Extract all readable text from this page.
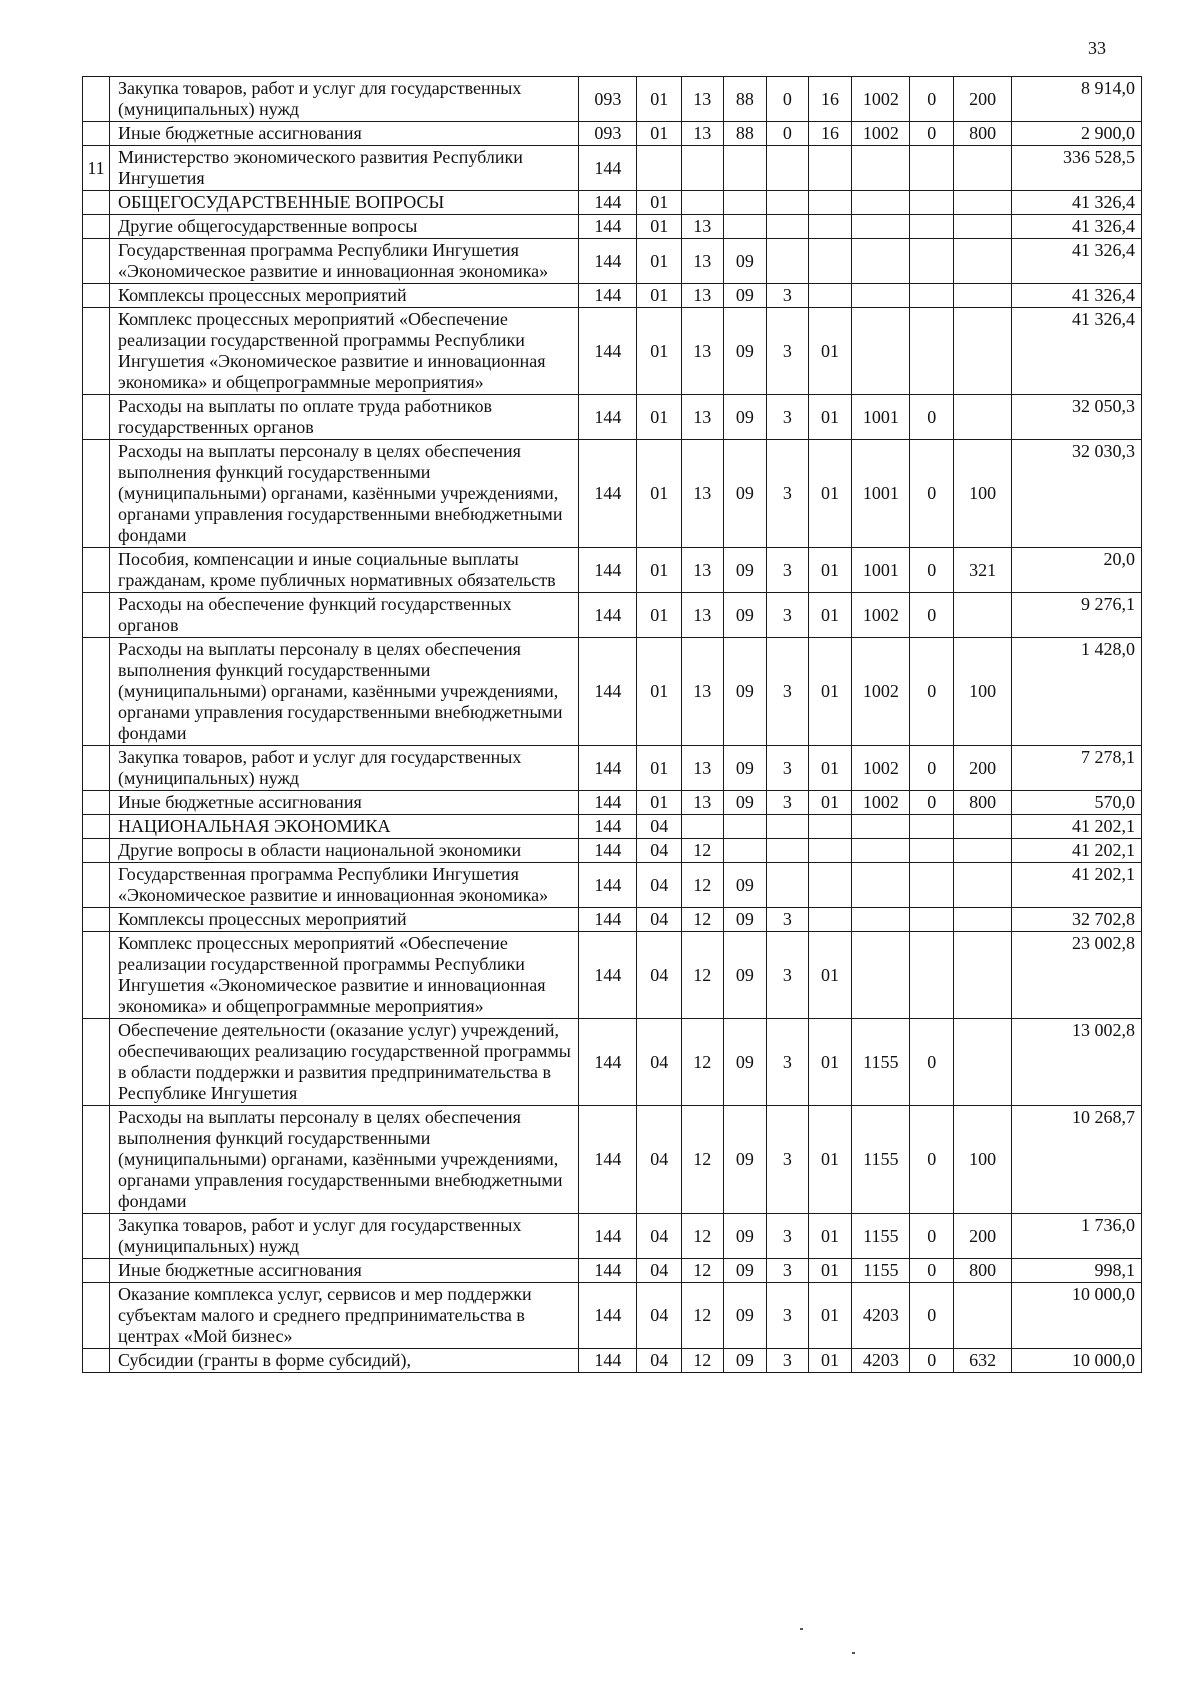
33
	Закупка товаров, работ и услуг для государственных (муниципальных) нужд	093	01	13	88	0	16	1002	0	200	8 914,0
	Иные бюджетные ассигнования	093	01	13	88	0	16	1002	0	800	2 900,0
11	Министерство экономического развития Республики Ингушетия	144									336 528,5
	ОБЩЕГОСУДАРСТВЕННЫЕ ВОПРОСЫ	144	01								41 326,4
	Другие общегосударственные вопросы	144	01	13							41 326,4
	Государственная программа Республики Ингушетия «Экономическое развитие и инновационная экономика»	144	01	13	09						41 326,4
	Комплексы процессных мероприятий	144	01	13	09	3					41 326,4
	Комплекс процессных мероприятий «Обеспечение реализации государственной программы Республики Ингушетия «Экономическое развитие и инновационная экономика» и общепрограммные мероприятия»	144	01	13	09	3	01				41 326,4
	Расходы на выплаты по оплате труда работников государственных органов	144	01	13	09	3	01	1001	0		32 050,3
	Расходы на выплаты персоналу в целях обеспечения выполнения функций государственными (муниципальными) органами, казёнными учреждениями, органами управления государственными внебюджетными фондами	144	01	13	09	3	01	1001	0	100	32 030,3
	Пособия, компенсации и иные социальные выплаты гражданам, кроме публичных нормативных обязательств	144	01	13	09	3	01	1001	0	321	20,0
	Расходы на обеспечение функций государственных органов	144	01	13	09	3	01	1002	0		9 276,1
	Расходы на выплаты персоналу в целях обеспечения выполнения функций государственными (муниципальными) органами, казёнными учреждениями, органами управления государственными внебюджетными фондами	144	01	13	09	3	01	1002	0	100	1 428,0
	Закупка товаров, работ и услуг для государственных (муниципальных) нужд	144	01	13	09	3	01	1002	0	200	7 278,1
	Иные бюджетные ассигнования	144	01	13	09	3	01	1002	0	800	570,0
	НАЦИОНАЛЬНАЯ ЭКОНОМИКА	144	04								41 202,1
	Другие вопросы в области национальной экономики	144	04	12							41 202,1
	Государственная программа Республики Ингушетия «Экономическое развитие и инновационная экономика»	144	04	12	09						41 202,1
	Комплексы процессных мероприятий	144	04	12	09	3					32 702,8
	Комплекс процессных мероприятий «Обеспечение реализации государственной программы Республики Ингушетия «Экономическое развитие и инновационная экономика» и общепрограммные мероприятия»	144	04	12	09	3	01				23 002,8
	Обеспечение деятельности (оказание услуг) учреждений, обеспечивающих реализацию государственной программы в области поддержки и развития предпринимательства в Республике Ингушетия	144	04	12	09	3	01	1155	0		13 002,8
	Расходы на выплаты персоналу в целях обеспечения выполнения функций государственными (муниципальными) органами, казёнными учреждениями, органами управления государственными внебюджетными фондами	144	04	12	09	3	01	1155	0	100	10 268,7
	Закупка товаров, работ и услуг для государственных (муниципальных) нужд	144	04	12	09	3	01	1155	0	200	1 736,0
	Иные бюджетные ассигнования	144	04	12	09	3	01	1155	0	800	998,1
	Оказание комплекса услуг, сервисов и мер поддержки субъектам малого и среднего предпринимательства в центрах «Мой бизнес»	144	04	12	09	3	01	4203	0		10 000,0
	Субсидии (гранты в форме субсидий),	144	04	12	09	3	01	4203	0	632	10 000,0
